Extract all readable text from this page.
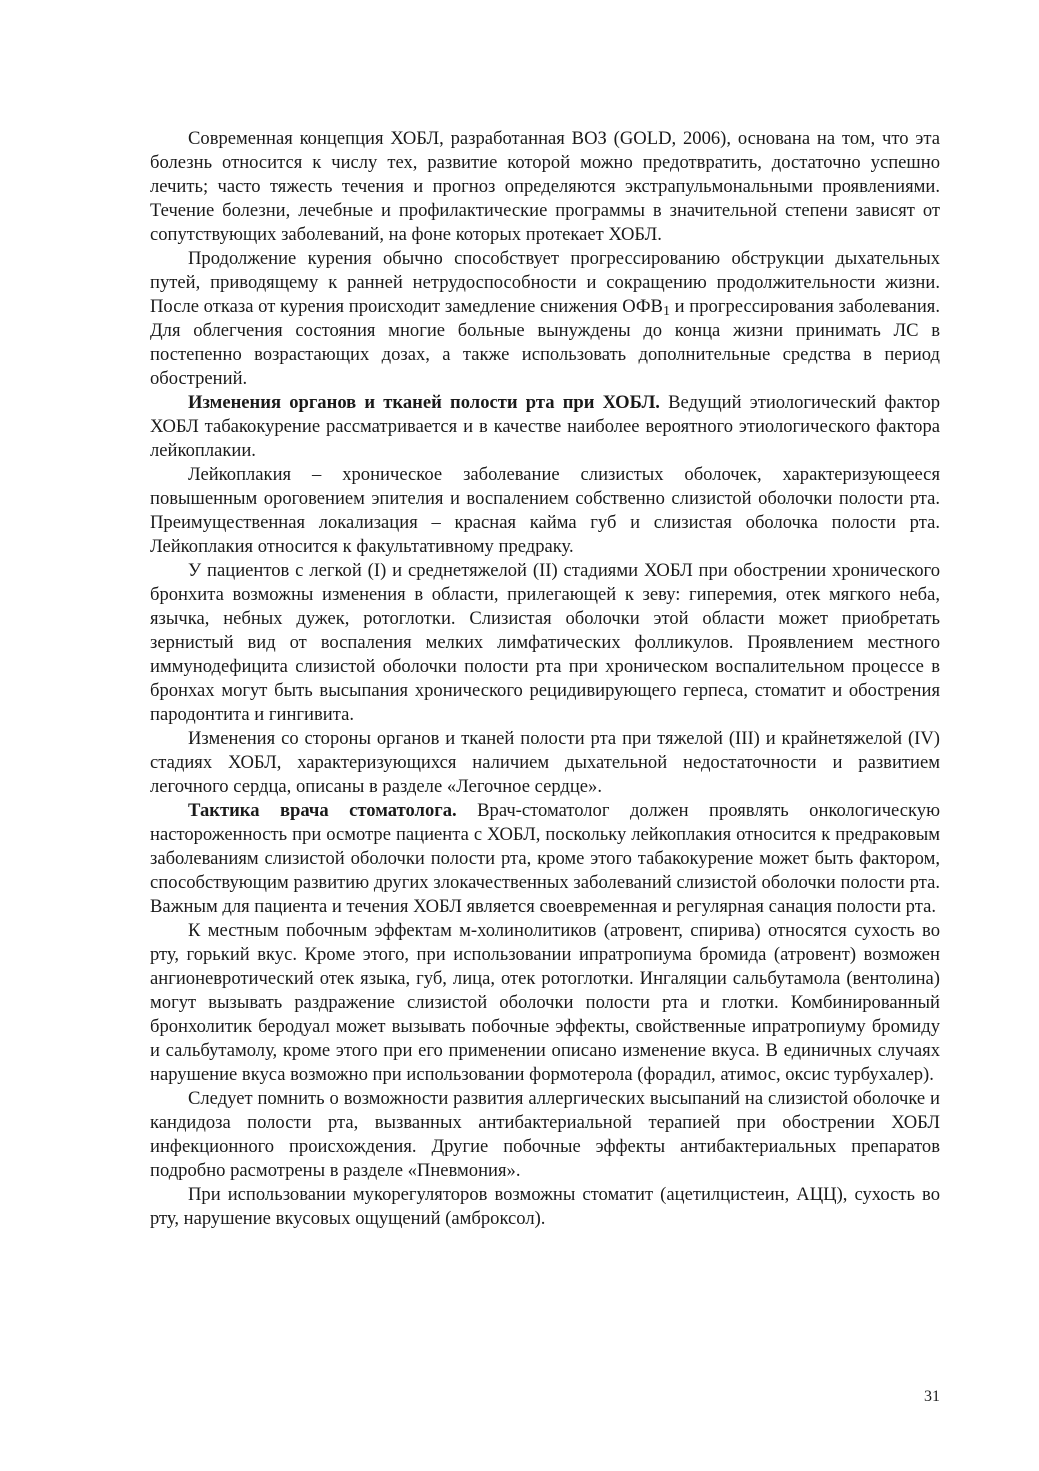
Современная концепция ХОБЛ, разработанная ВОЗ (GOLD, 2006), основана на том, что эта болезнь относится к числу тех, развитие которой можно предотвратить, достаточно успешно лечить; часто тяжесть течения и прогноз определяются экстрапульмональными проявлениями. Течение болезни, лечебные и профилактические программы в значительной степени зависят от сопутствующих заболеваний, на фоне которых протекает ХОБЛ.

Продолжение курения обычно способствует прогрессированию обструкции дыхательных путей, приводящему к ранней нетрудоспособности и сокращению продолжительности жизни. После отказа от курения происходит замедление снижения $ОФВ_1$ и прогрессирования заболевания. Для облегчения состояния многие больные вынуждены до конца жизни принимать ЛС в постепенно возрастающих дозах, а также использовать дополнительные средства в период обострений.

Изменения органов и тканей полости рта при ХОБЛ. Ведущий этиологический фактор ХОБЛ табакокурение рассматривается и в качестве наиболее вероятного этиологического фактора лейкоплакии.

Лейкоплакия – хроническое заболевание слизистых оболочек, характеризующееся повышенным ороговением эпителия и воспалением собственно слизистой оболочки полости рта. Преимущественная локализация – красная кайма губ и слизистая оболочка полости рта. Лейкоплакия относится к факультативному предраку.

У пациентов с легкой (I) и среднетяжелой (II) стадиями ХОБЛ при обострении хронического бронхита возможны изменения в области, прилегающей к зеву: гиперемия, отек мягкого неба, язычка, небных дужек, ротоглотки. Слизистая оболочки этой области может приобретать зернистый вид от воспаления мелких лимфатических фолликулов. Проявлением местного иммунодефицита слизистой оболочки полости рта при хроническом воспалительном процессе в бронхах могут быть высыпания хронического рецидивирующего герпеса, стоматит и обострения пародонтита и гингивита.

Изменения со стороны органов и тканей полости рта при тяжелой (III) и крайнетяжелой (IV) стадиях ХОБЛ, характеризующихся наличием дыхательной недостаточности и развитием легочного сердца, описаны в разделе «Легочное сердце».

Тактика врача стоматолога. Врач-стоматолог должен проявлять онкологическую настороженность при осмотре пациента с ХОБЛ, поскольку лейкоплакия относится к предраковым заболеваниям слизистой оболочки полости рта, кроме этого табакокурение может быть фактором, способствующим развитию других злокачественных заболеваний слизистой оболочки полости рта. Важным для пациента и течения ХОБЛ является своевременная и регулярная санация полости рта.

К местным побочным эффектам м-холинолитиков (атровент, спирива) относятся сухость во рту, горький вкус. Кроме этого, при использовании ипратропиума бромида (атровент) возможен ангионевротический отек языка, губ, лица, отек ротоглотки. Ингаляции сальбутамола (вентолина) могут вызывать раздражение слизистой оболочки полости рта и глотки. Комбинированный бронхолитик беродуал может вызывать побочные эффекты, свойственные ипратропиуму бромиду и сальбутамолу, кроме этого при его применении описано изменение вкуса. В единичных случаях нарушение вкуса возможно при использовании формотерола (форадил, атимос, оксис турбухалер).

Следует помнить о возможности развития аллергических высыпаний на слизистой оболочке и кандидоза полости рта, вызванных антибактериальной терапией при обострении ХОБЛ инфекционного происхождения. Другие побочные эффекты антибактериальных препаратов подробно расмотрены в разделе «Пневмония».

При использовании мукорегуляторов возможны стоматит (ацетилцистеин, АЦЦ), сухость во рту, нарушение вкусовых ощущений (амброксол).

31
